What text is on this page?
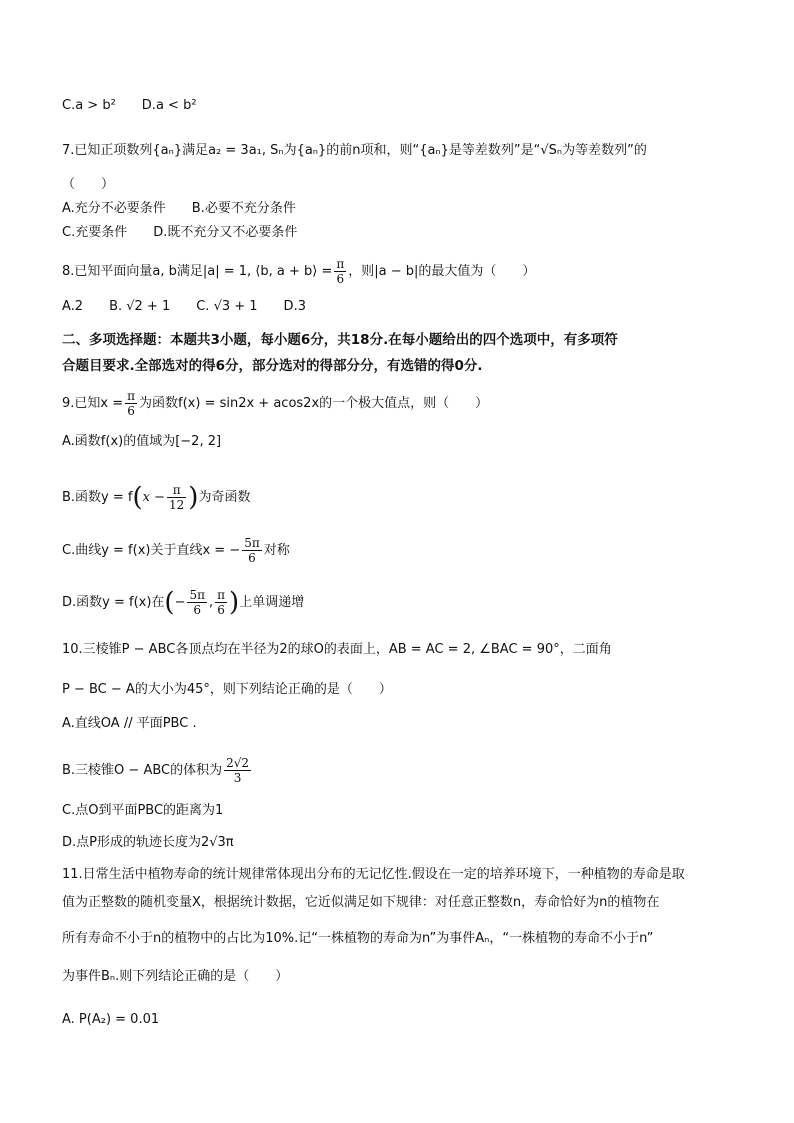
C.a > b²　　D.a < b²
7.已知正项数列{aₙ}满足a₂ = 3a₁, Sₙ为{aₙ}的前n项和，则“{aₙ}是等差数列”是“√Sₙ为等差数列”的
（　　）
A.充分不必要条件　　B.必要不充分条件
C.充要条件　　D.既不充分又不必要条件
8.已知平面向量a, b满足|a| = 1, ⟨b, a + b⟩ = $\frac{\pi}{6}$ ，则|a − b|的最大值为（　　）
A.2　　B. √2 + 1　　C. √3 + 1　　D.3
二、多项选择题：本题共3小题，每小题6分，共18分.在每小题给出的四个选项中，有多项符
合题目要求.全部选对的得6分，部分选对的得部分分，有选错的得0分.
9.已知$x = \frac{\pi}{6}$ 为函数f(x) = sin2x + acos2x的一个极大值点，则（　　）
A.函数f(x)的值域为[−2, 2]
B.函数$y = f(x - \frac{\pi}{12}$ )为奇函数
C.曲线y = f(x)关于直线x = − $\frac{5\pi}{6}$ 对称
D.函数y = f(x)在(− $\frac{5\pi}{6}$ , $\frac{\pi}{6}$ )上单调递增
10.三棱锥P − ABC各顶点均在半径为2的球O的表面上，AB = AC = 2, ∠BAC = 90°，二面角
P − BC − A的大小为45°，则下列结论正确的是（　　）
A.直线OA // 平面PBC .
B.三棱锥O − ABC的体积为 $\frac{2√2}{3}$
C.点O到平面PBC的距离为1
D.点P形成的轨迹长度为2√3π
11.日常生活中植物寿命的统计规律常体现出分布的无记忆性.假设在一定的培养环境下，一种植物的寿命是取
值为正整数的随机变量X，根据统计数据，它近似满足如下规律：对任意正整数n，寿命恰好为n的植物在
所有寿命不小于n的植物中的占比为10%.记“一株植物的寿命为n”为事件Aₙ，“一株植物的寿命不小于n”
为事件Bₙ.则下列结论正确的是（　　）
A. P(A₂) = 0.01
